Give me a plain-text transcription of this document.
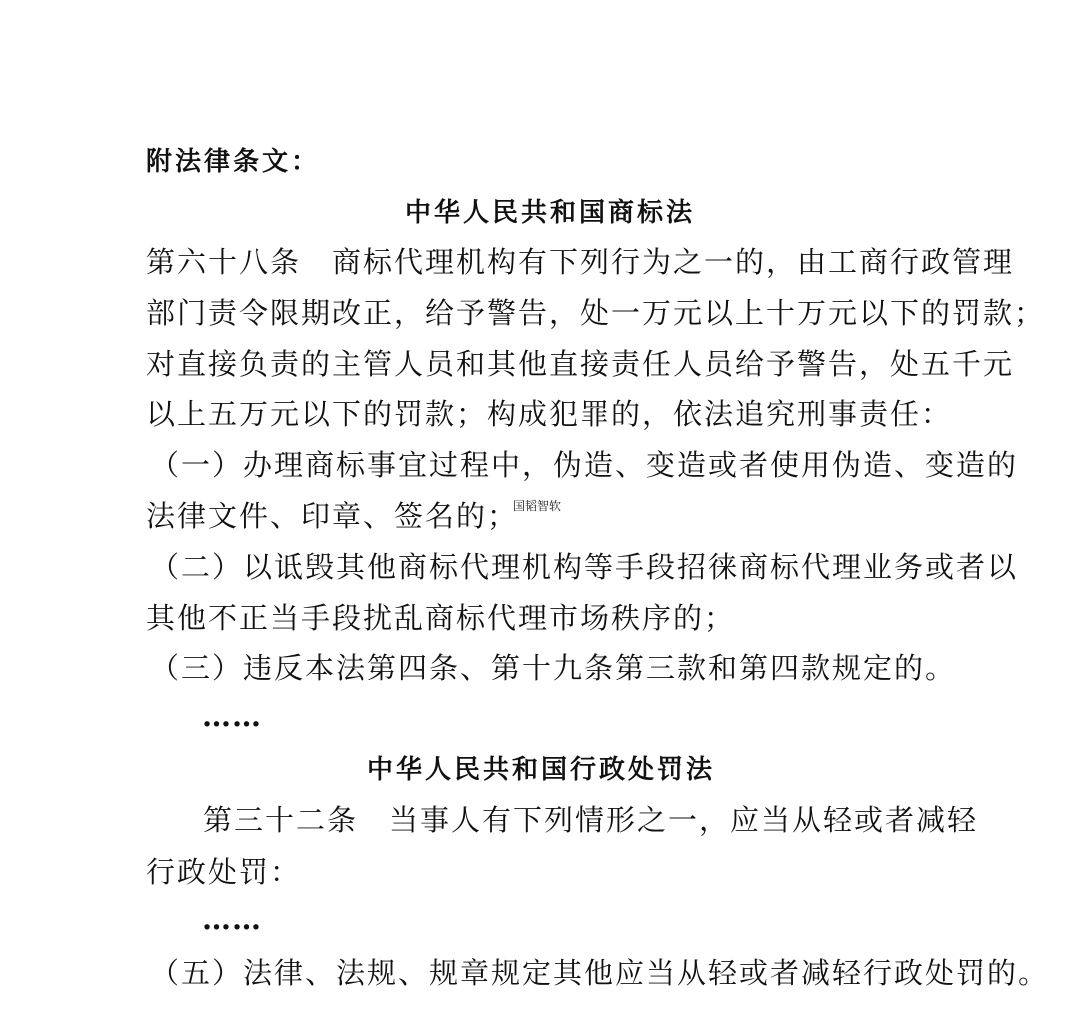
附法律条文：
中华人民共和国商标法
第六十八条　商标代理机构有下列行为之一的，由工商行政管理
部门责令限期改正，给予警告，处一万元以上十万元以下的罚款；
对直接负责的主管人员和其他直接责任人员给予警告，处五千元
以上五万元以下的罚款；构成犯罪的，依法追究刑事责任：
（一）办理商标事宜过程中，伪造、变造或者使用伪造、变造的
法律文件、印章、签名的；
国韬智软
（二）以诋毁其他商标代理机构等手段招徕商标代理业务或者以
其他不正当手段扰乱商标代理市场秩序的；
（三）违反本法第四条、第十九条第三款和第四款规定的。
……
中华人民共和国行政处罚法
第三十二条　当事人有下列情形之一，应当从轻或者减轻
行政处罚：
……
（五）法律、法规、规章规定其他应当从轻或者减轻行政处罚的。
